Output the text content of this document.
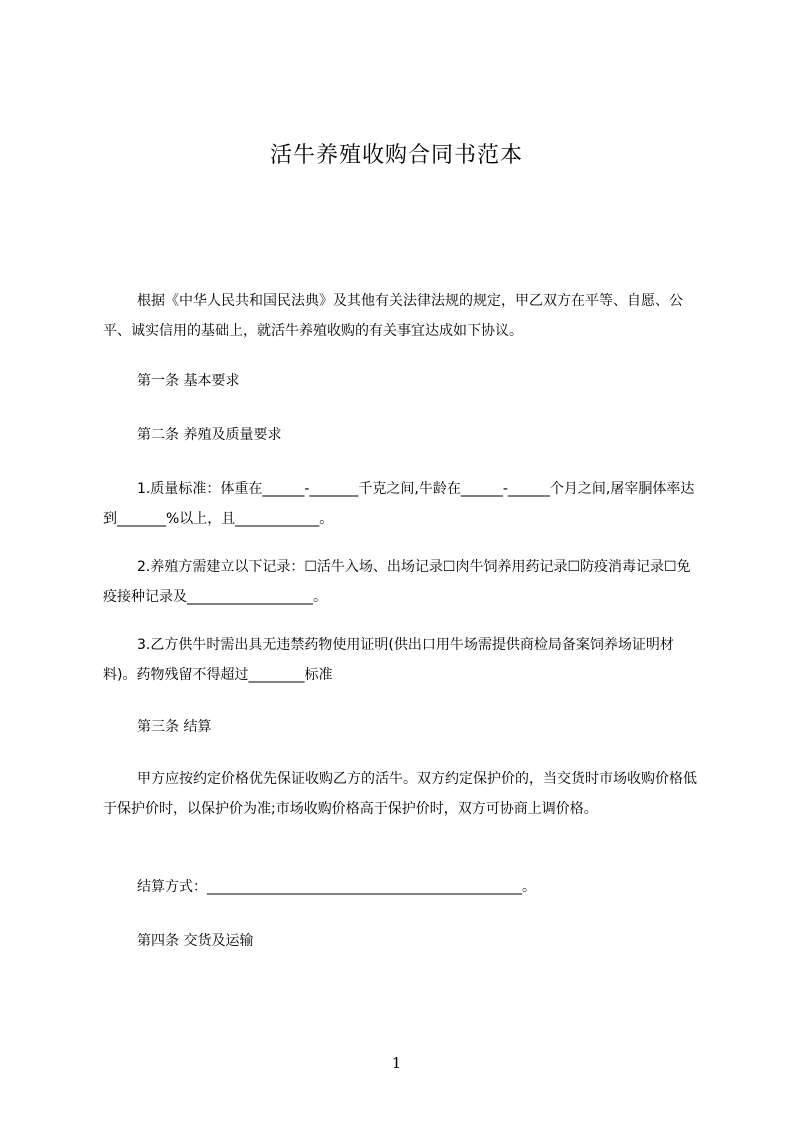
活牛养殖收购合同书范本

根据《中华人民共和国民法典》及其他有关法律法规的规定，甲乙双方在平等、自愿、公平、诚实信用的基础上，就活牛养殖收购的有关事宜达成如下协议。

第一条 基本要求

第二条 养殖及质量要求

1.质量标准：体重在______-_______千克之间,牛龄在______-______个月之间,屠宰胴体率达到_______%以上，且____________。

2.养殖方需建立以下记录：☐活牛入场、出场记录☐肉牛饲养用药记录☐防疫消毒记录☐免疫接种记录及__________________。

3.乙方供牛时需出具无违禁药物使用证明(供出口用牛场需提供商检局备案饲养场证明材料)。药物残留不得超过________标准

第三条 结算

甲方应按约定价格优先保证收购乙方的活牛。双方约定保护价的，当交货时市场收购价格低于保护价时，以保护价为准;市场收购价格高于保护价时，双方可协商上调价格。

结算方式：_____________________________________________。

第四条 交货及运输

1
